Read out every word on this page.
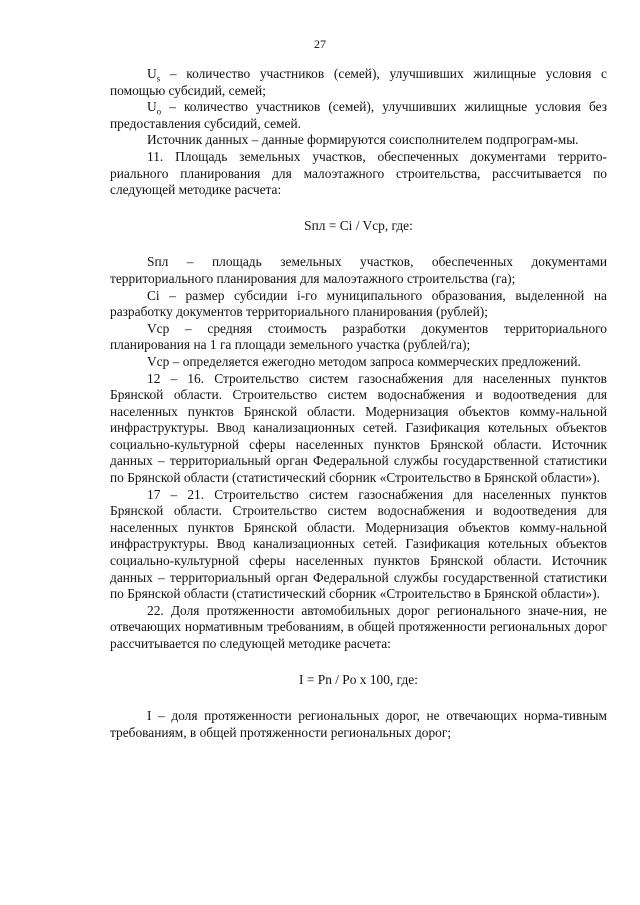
27

$U_s$ – количество участников (семей), улучшивших жилищные условия с помощью субсидий, семей;

$U_o$ – количество участников (семей), улучшивших жилищные условия без предоставления субсидий, семей.

Источник данных – данные формируются соисполнителем подпрограм-мы.

11. Площадь земельных участков, обеспеченных документами террито-риального планирования для малоэтажного строительства, рассчитывается по следующей методике расчета:

Sпл = Ci / Vср, где:

Sпл – площадь земельных участков, обеспеченных документами территориального планирования для малоэтажного строительства (га);

Ci – размер субсидии i-го муниципального образования, выделенной на разработку документов территориального планирования (рублей);

Vср – средняя стоимость разработки документов территориального планирования на 1 га площади земельного участка (рублей/га);

Vср – определяется ежегодно методом запроса коммерческих предложений.

12 – 16. Строительство систем газоснабжения для населенных пунктов Брянской области. Строительство систем водоснабжения и водоотведения для населенных пунктов Брянской области. Модернизация объектов комму-нальной инфраструктуры. Ввод канализационных сетей. Газификация котельных объектов социально-культурной сферы населенных пунктов Брянской области. Источник данных – территориальный орган Федеральной службы государственной статистики по Брянской области (статистический сборник «Строительство в Брянской области»).

17 – 21. Строительство систем газоснабжения для населенных пунктов Брянской области. Строительство систем водоснабжения и водоотведения для населенных пунктов Брянской области. Модернизация объектов комму-нальной инфраструктуры. Ввод канализационных сетей. Газификация котельных объектов социально-культурной сферы населенных пунктов Брянской области. Источник данных – территориальный орган Федеральной службы государственной статистики по Брянской области (статистический сборник «Строительство в Брянской области»).

22. Доля протяженности автомобильных дорог регионального значе-ния, не отвечающих нормативным требованиям, в общей протяженности региональных дорог рассчитывается по следующей методике расчета:

I = Pn / Po x 100, где:

I – доля протяженности региональных дорог, не отвечающих норма-тивным требованиям, в общей протяженности региональных дорог;
